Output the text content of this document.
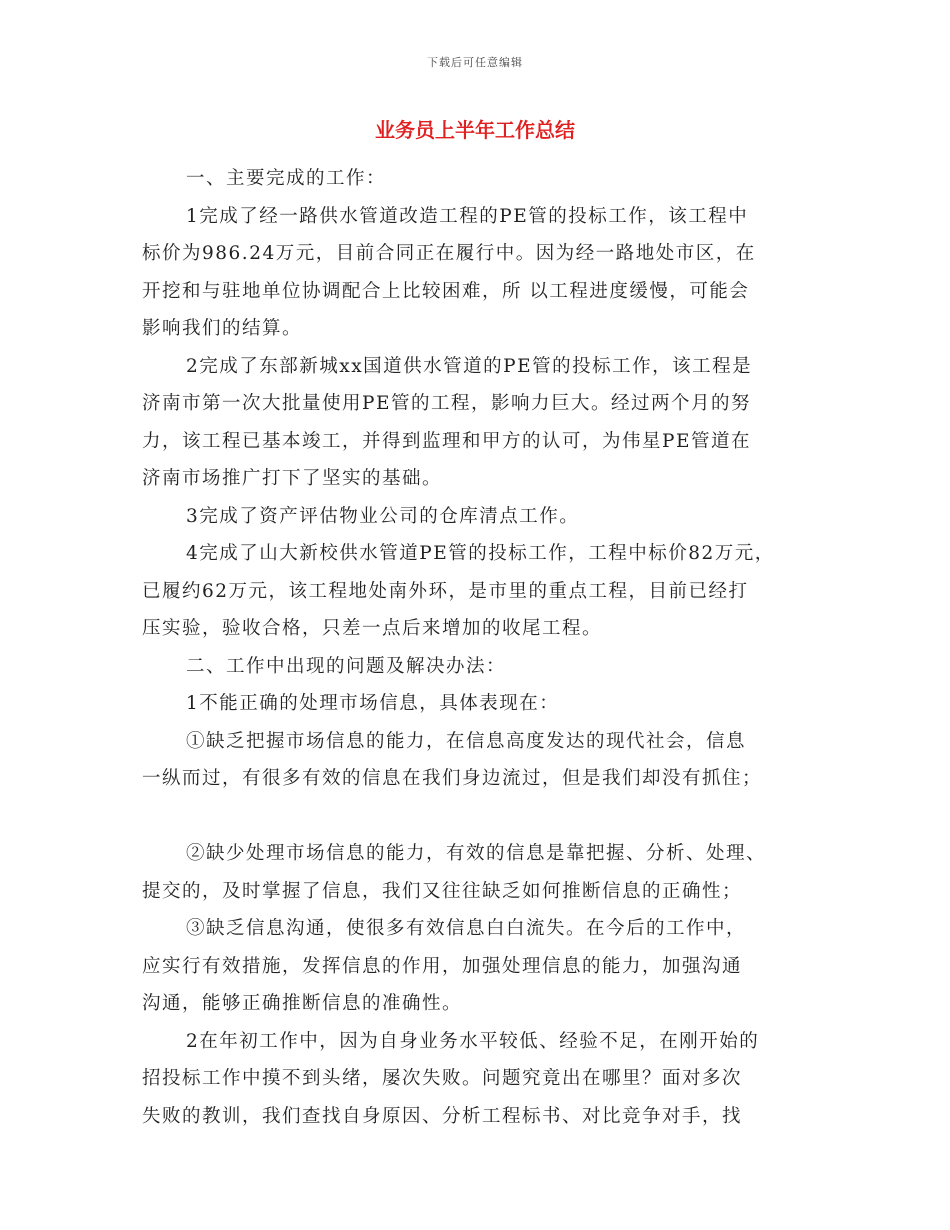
下载后可任意编辑
业务员上半年工作总结
一、主要完成的工作：
1完成了经一路供水管道改造工程的PE管的投标工作，该工程中
标价为986.24万元，目前合同正在履行中。因为经一路地处市区，在
开挖和与驻地单位协调配合上比较困难，所 以工程进度缓慢，可能会
影响我们的结算。
2完成了东部新城xx国道供水管道的PE管的投标工作，该工程是
济南市第一次大批量使用PE管的工程，影响力巨大。经过两个月的努
力，该工程已基本竣工，并得到监理和甲方的认可，为伟星PE管道在
济南市场推广打下了坚实的基础。
3完成了资产评估物业公司的仓库清点工作。
4完成了山大新校供水管道PE管的投标工作，工程中标价82万元，
已履约62万元，该工程地处南外环，是市里的重点工程，目前已经打
压实验，验收合格，只差一点后来增加的收尾工程。
二、工作中出现的问题及解决办法：
1不能正确的处理市场信息，具体表现在：
①缺乏把握市场信息的能力，在信息高度发达的现代社会，信息
一纵而过，有很多有效的信息在我们身边流过，但是我们却没有抓住；
②缺少处理市场信息的能力，有效的信息是靠把握、分析、处理、
提交的，及时掌握了信息，我们又往往缺乏如何推断信息的正确性；
③缺乏信息沟通，使很多有效信息白白流失。在今后的工作中，
应实行有效措施，发挥信息的作用，加强处理信息的能力，加强沟通
沟通，能够正确推断信息的准确性。
2在年初工作中，因为自身业务水平较低、经验不足，在刚开始的
招投标工作中摸不到头绪，屡次失败。问题究竟出在哪里？面对多次
失败的教训，我们查找自身原因、分析工程标书、对比竞争对手，找
